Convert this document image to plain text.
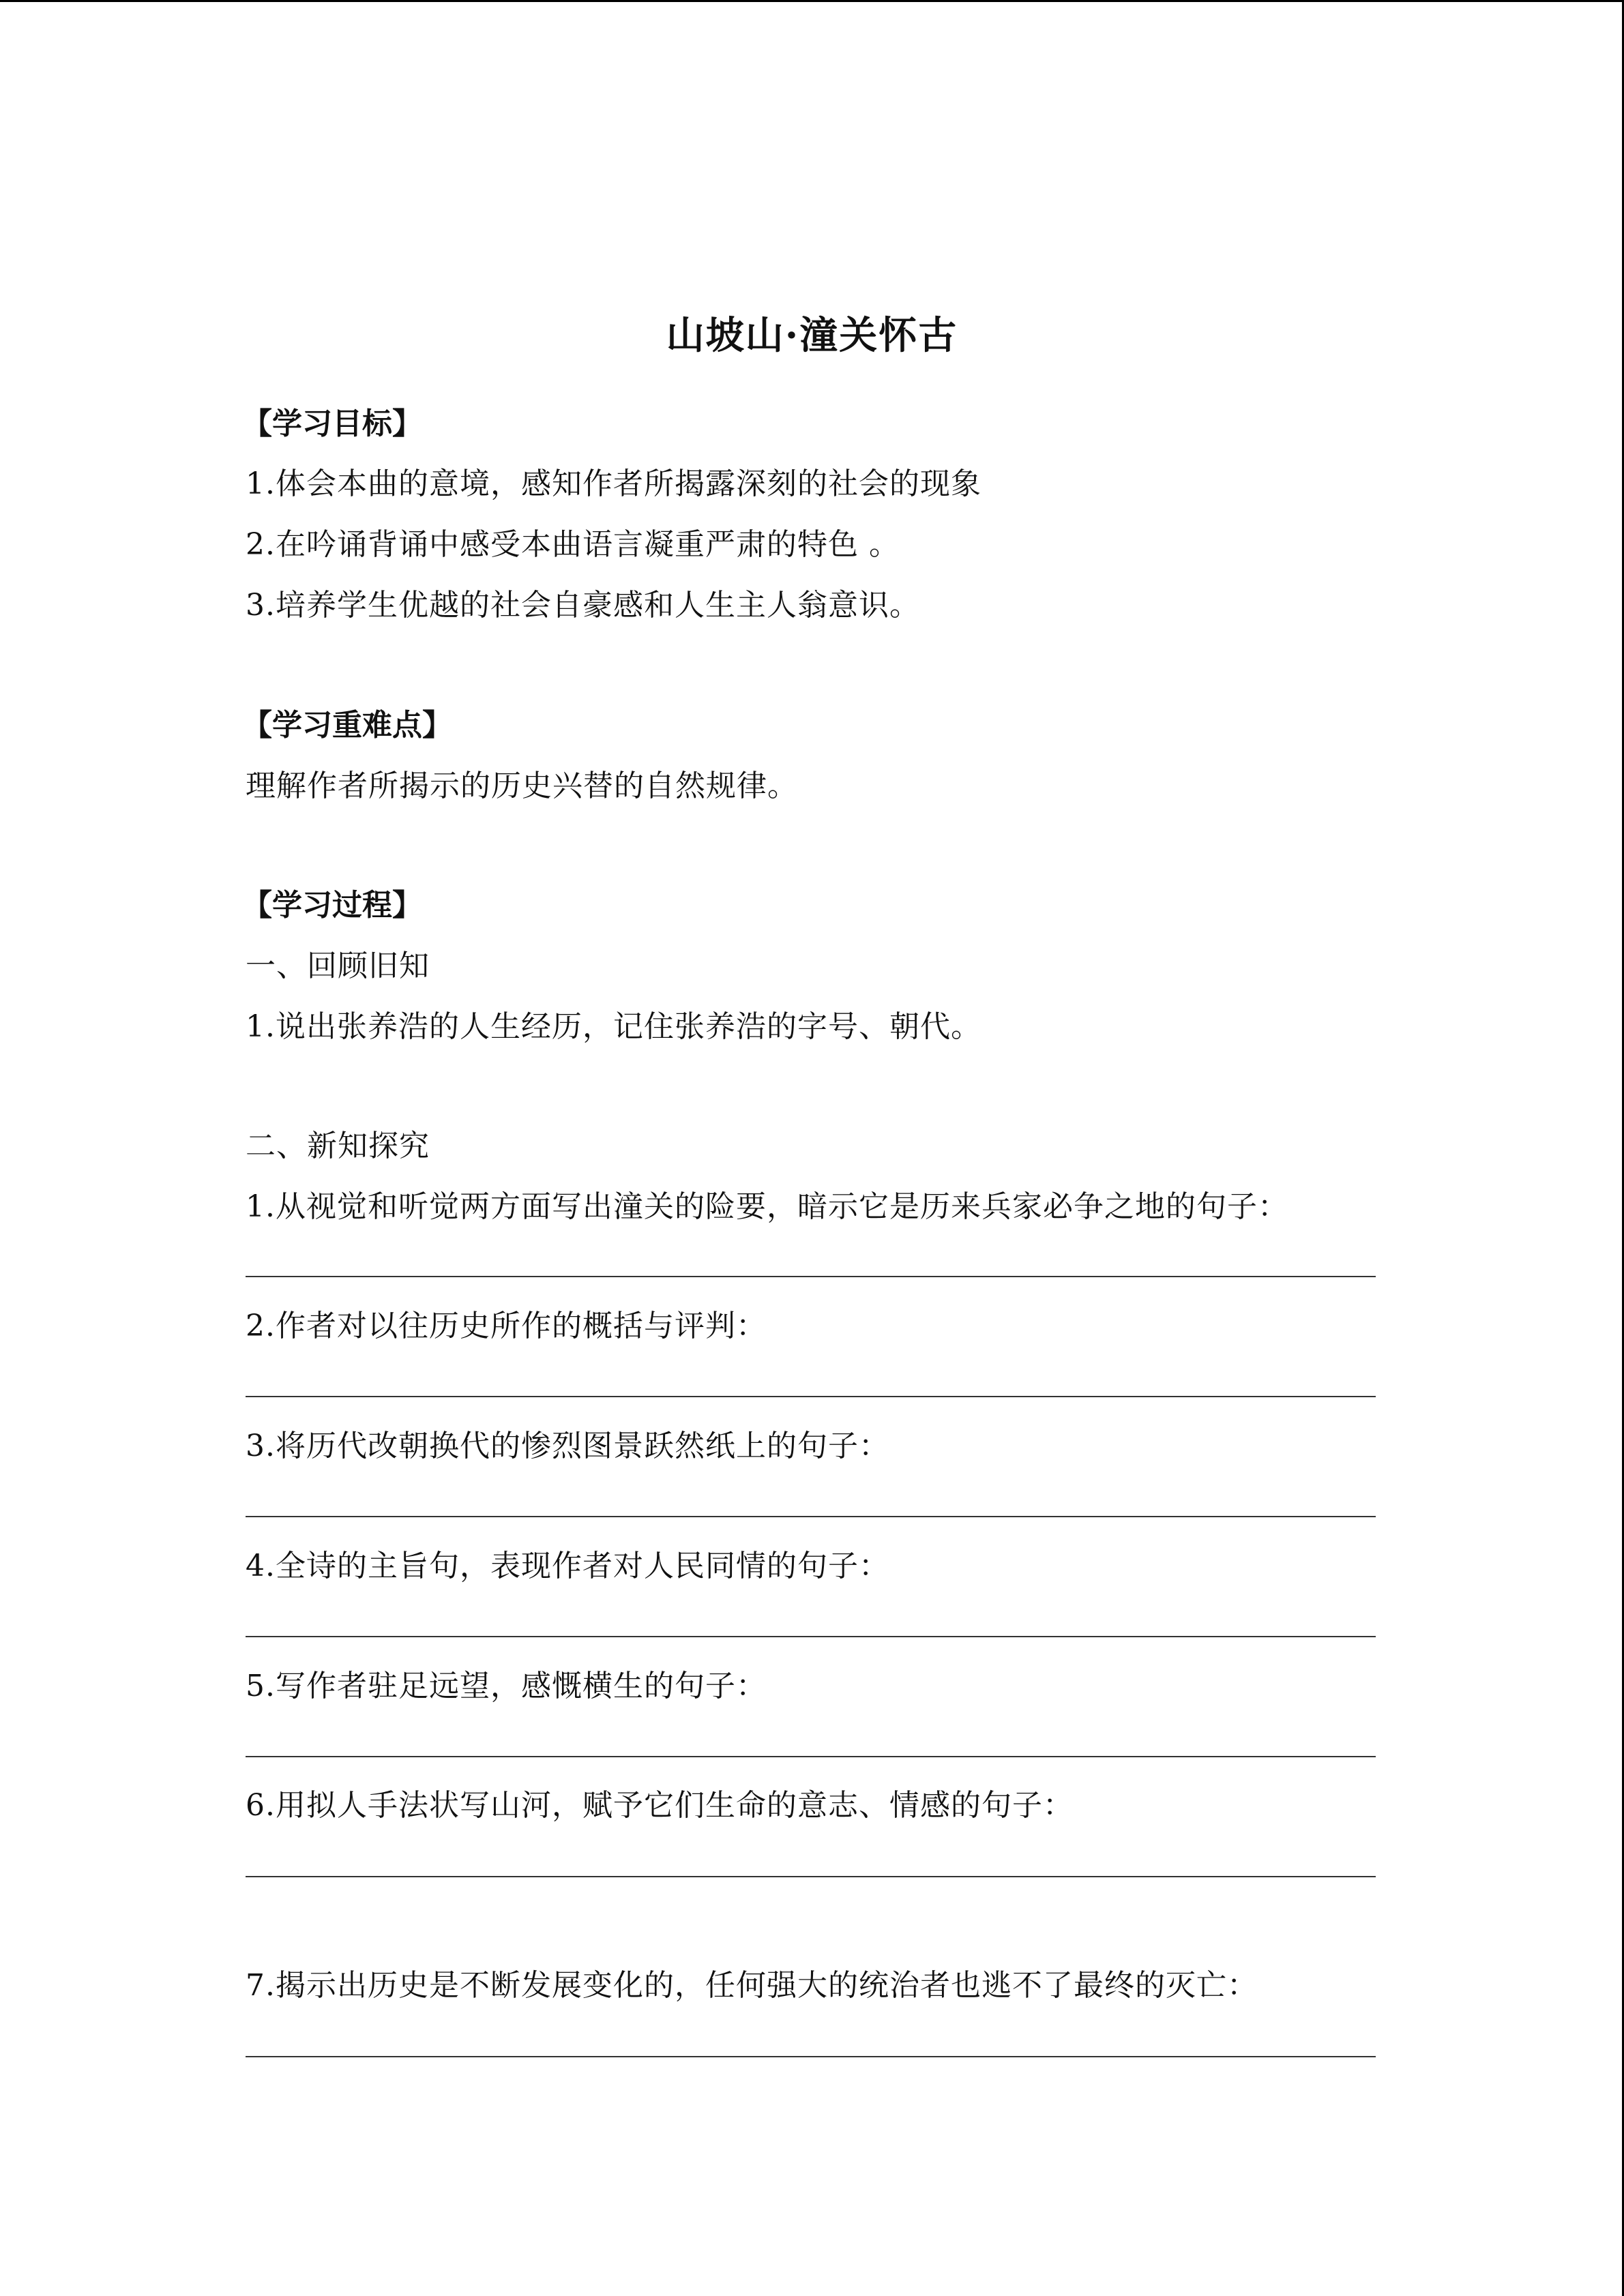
山坡山·潼关怀古
【学习目标】
1.体会本曲的意境，感知作者所揭露深刻的社会的现象
2.在吟诵背诵中感受本曲语言凝重严肃的特色 。
3.培养学生优越的社会自豪感和人生主人翁意识。
【学习重难点】
理解作者所揭示的历史兴替的自然规律。
【学习过程】
一、回顾旧知
1.说出张养浩的人生经历，记住张养浩的字号、朝代。
二、新知探究
1.从视觉和听觉两方面写出潼关的险要，暗示它是历来兵家必争之地的句子：
2.作者对以往历史所作的概括与评判：
3.将历代改朝换代的惨烈图景跃然纸上的句子：
4.全诗的主旨句，表现作者对人民同情的句子：
5.写作者驻足远望，感慨横生的句子：
6.用拟人手法状写山河，赋予它们生命的意志、情感的句子：
7.揭示出历史是不断发展变化的，任何强大的统治者也逃不了最终的灭亡：
